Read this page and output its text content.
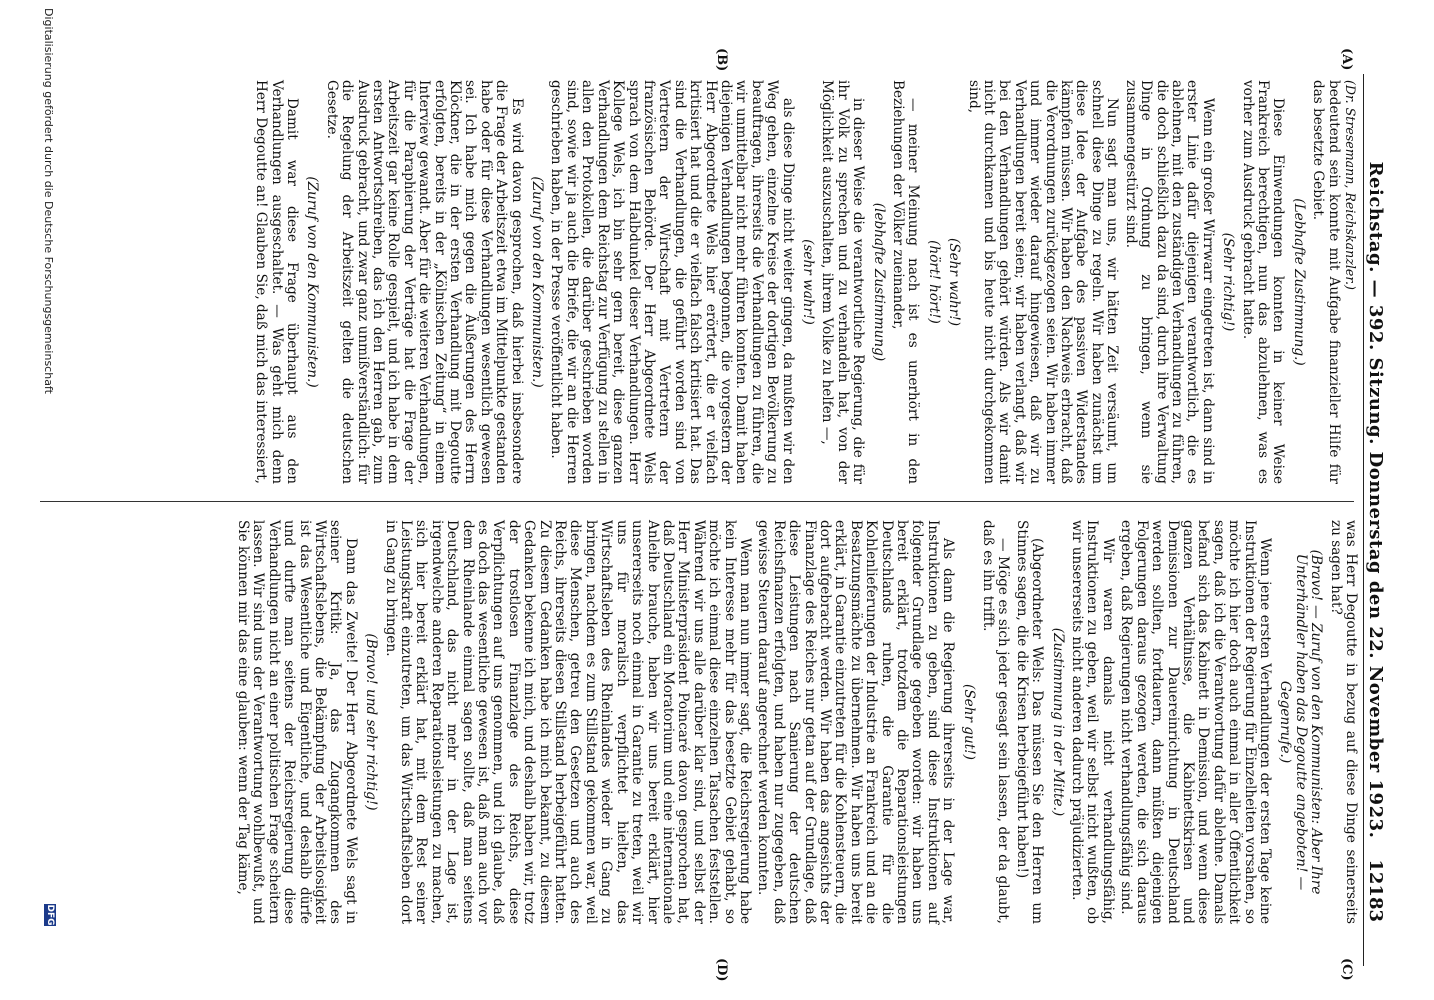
Reichstag. — 392. Sitzung. Donnerstag den 22. November 1923.
12183
(A)
(B)
(C)
(D)

(Dr. Stresemann, Reichskanzler.)

bedeutend sein konnte mit Aufgabe finanzieller Hilfe für das besetzte Gebiet.

(Lebhafte Zustimmung.)

Diese Einwendungen konnten in keiner Weise Frankreich berechtigen, nun das abzulehnen, was es vorher zum Ausdruck gebracht hatte.

(Sehr richtig!)

Wenn ein großer Wirrwarr eingetreten ist, dann sind in erster Linie dafür diejenigen verantwortlich, die es ablehnen, mit den zuständigen Verhandlungen zu führen, die doch schließlich dazu da sind, durch ihre Verwaltung Dinge in Ordnung zu bringen, wenn sie zusammengestürzt sind.

Nun sagt man uns, wir hätten Zeit versäumt, um schnell diese Dinge zu regeln. Wir haben zunächst um diese Idee der Aufgabe des passiven Widerstandes kämpfen müssen. Wir haben den Nachweis erbracht, daß die Verordnungen zurückgezogen seien. Wir haben immer und immer wieder darauf hingewiesen, daß wir zu Verhandlungen bereit seien; wir haben verlangt, daß wir bei den Verhandlungen gehört würden. Als wir damit nicht durchkamen und bis heute nicht durchgekommen sind,

(Sehr wahr!)

(hört! hört!)

— meiner Meinung nach ist es unerhört in den Beziehungen der Völker zueinander,

(lebhafte Zustimmung)

in dieser Weise die verantwortliche Regierung, die für ihr Volk zu sprechen und zu verhandeln hat, von der Möglichkeit auszuschalten, ihrem Volke zu helfen —,

(sehr wahr!)

als diese Dinge nicht weiter gingen, da mußten wir den Weg gehen, einzelne Kreise der dortigen Bevölkerung zu beauftragen, ihrerseits die Verhandlungen zu führen, die wir unmittelbar nicht mehr führen konnten. Damit haben diejenigen Verhandlungen begonnen, die vorgestern der Herr Abgeordnete Wels hier erörtert, die er vielfach kritisiert hat und die er vielfach falsch kritisiert hat. Das sind die Verhandlungen, die geführt worden sind von Vertretern der Wirtschaft mit Vertretern der französischen Behörde. Der Herr Abgeordnete Wels sprach von dem Halbdunkel dieser Verhandlungen. Herr Kollege Wels, ich bin sehr gern bereit, diese ganzen Verhandlungen dem Reichstag zur Verfügung zu stellen in allen den Protokollen, die darüber geschrieben worden sind, sowie wir ja auch die Briefe, die wir an die Herren geschrieben haben, in der Presse veröffentlicht haben.

(Zuruf von den Kommunisten.)

Es wird davon gesprochen, daß hierbei insbesondere die Frage der Arbeitszeit etwa im Mittelpunkte gestanden habe oder für diese Verhandlungen wesentlich gewesen sei. Ich habe mich gegen die Äußerungen des Herrn Klöckner, die in der ersten Verhandlung mit Degoutte erfolgten, bereits in der „Kölnischen Zeitung“ in einem Interview gewandt. Aber für die weiteren Verhandlungen, für die Paraphierung der Verträge hat die Frage der Arbeitszeit gar keine Rolle gespielt, und ich habe in dem ersten Antwortschreiben, das ich den Herren gab, zum Ausdruck gebracht, und zwar ganz unmißverständlich: für die Regelung der Arbeitszeit gelten die deutschen Gesetze.

(Zuruf von den Kommunisten.)

Damit war diese Frage überhaupt aus den Verhandlungen ausgeschaltet. — Was geht mich denn Herr Degoutte an! Glauben Sie, daß mich das interessiert,

was Herr Degoutte in bezug auf diese Dinge seinerseits zu sagen hat?

(Bravo! — Zuruf von den Kommunisten: Aber Ihre Unterhändler haben das Degoutte angeboten! — Gegenrufe.)

Wenn jene ersten Verhandlungen der ersten Tage keine Instruktionen der Regierung für Einzelheiten vorsahen, so möchte ich hier doch auch einmal in aller Öffentlichkeit sagen, daß ich die Verantwortung dafür ablehne. Damals befand sich das Kabinett in Demission, und wenn diese ganzen Verhältnisse, die Kabinettskrisen und Demissionen zur Dauereinrichtung in Deutschland werden sollten, fortdauern, dann müßten diejenigen Folgerungen daraus gezogen werden, die sich daraus ergeben, daß Regierungen nicht verhandlungsfähig sind.

Wir waren damals nicht verhandlungsfähig, Instruktionen zu geben, weil wir selbst nicht wußten, ob wir unsererseits nicht anderen dadurch präjudizierten.

(Zustimmung in der Mitte.)

(Abgeordneter Wels: Das müssen Sie den Herren um Stinnes sagen, die die Krisen herbeigeführt haben!)

— Möge es sich jeder gesagt sein lassen, der da glaubt, daß es ihn trifft.

(Sehr gut!)

Als dann die Regierung ihrerseits in der Lage war, Instruktionen zu geben, sind diese Instruktionen auf folgender Grundlage gegeben worden: wir haben uns bereit erklärt, trotzdem die Reparationsleistungen Deutschlands ruhen, die Garantie für die Kohlenlieferungen der Industrie an Frankreich und an die Besatzungsmächte zu übernehmen. Wir haben uns bereit erklärt, in Garantie einzutreten für die Kohlensteuern, die dort aufgebracht werden. Wir haben das angesichts der Finanzlage des Reiches nur getan auf der Grundlage, daß diese Leistungen nach Sanierung der deutschen Reichsfinanzen erfolgten, und haben nur zugegeben, daß gewisse Steuern darauf angerechnet werden konnten.

Wenn man nun immer sagt, die Reichsregierung habe kein Interesse mehr für das besetzte Gebiet gehabt, so möchte ich einmal diese einzelnen Tatsachen feststellen. Während wir uns alle darüber klar sind, und selbst der Herr Ministerpräsident Poincaré davon gesprochen hat, daß Deutschland ein Moratorium und eine internationale Anleihe brauche, haben wir uns bereit erklärt, hier unsererseits noch einmal in Garantie zu treten, weil wir uns für moralisch verpflichtet hielten, das Wirtschaftsleben des Rheinlandes wieder in Gang zu bringen, nachdem es zum Stillstand gekommen war, weil diese Menschen, getreu den Gesetzen und auch des Reichs, ihrerseits diesen Stillstand herbeigeführt hatten. Zu diesem Gedanken habe ich mich bekannt, zu diesem Gedanken bekenne ich mich, und deshalb haben wir, trotz der trostlosen Finanzlage des Reichs, diese Verpflichtungen auf uns genommen, und ich glaube, daß es doch das wesentliche gewesen ist, daß man auch vor dem Rheinlande einmal sagen sollte, daß man seitens Deutschland, das nicht mehr in der Lage ist, irgendwelche anderen Reparationsleistungen zu machen, sich hier bereit erklärt hat, mit dem Rest seiner Leistungskraft einzutreten, um das Wirtschaftsleben dort in Gang zu bringen.

(Bravo! und sehr richtig!)

Dann das Zweite! Der Herr Abgeordnete Wels sagt in seiner Kritik: Ja, das Zugangkommen des Wirtschaftslebens, die Bekämpfung der Arbeitslosigkeit ist das Wesentliche und Eigentliche, und deshalb dürfe und durfte man seitens der Reichsregierung diese Verhandlungen nicht an einer politischen Frage scheitern lassen. Wir sind uns der Verantwortung wohlbewußt, und Sie können mir das eine glauben: wenn der Tag käme,

Digitalisierung gefördert durch die Deutsche Forschungsgemeinschaft
DFG
